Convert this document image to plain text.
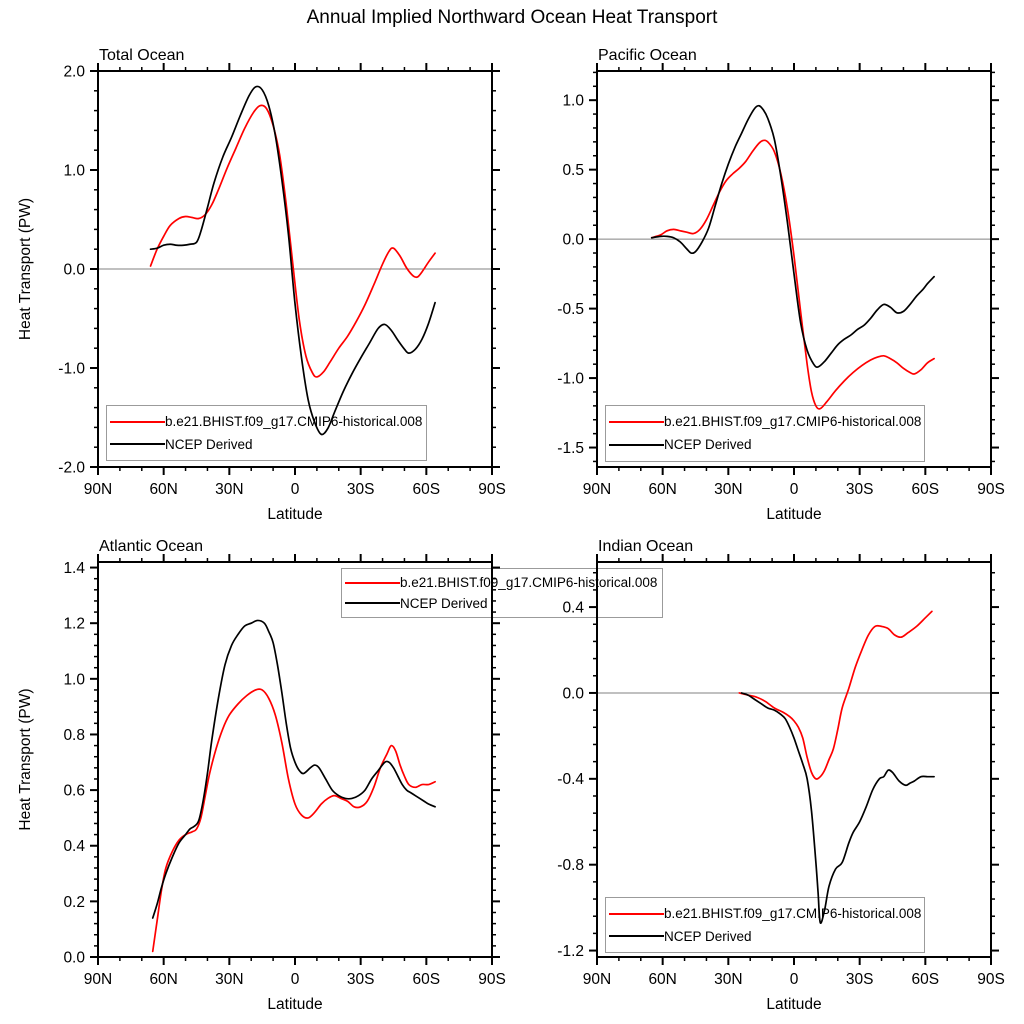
Annual Implied Northward Ocean Heat Transport
b.e21.BHIST.f09_g17.CMIP6-historical.008
NCEP Derived
b.e21.BHIST.f09_g17.CMIP6-historical.008
NCEP Derived
b.e21.BHIST.f09_g17.CMIP6-historical.008
NCEP Derived
b.e21.BHIST.f09_g17.CMIP6-historical.008
NCEP Derived
90N 60N 30N	0	30S 60S 90S
2.0
1.0
0.0
-1.0
-2.0
Total Ocean
Latitude
Heat Transport (PW)
90N 60N 30N	0	30S 60S 90S
1.0
0.5
0.0
-0.5
-1.0
-1.5
Pacific Ocean
Latitude
90N 60N 30N	0	30S 60S 90S
1.4
1.2
1.0
0.8
0.6
0.4
0.2
0.0
Atlantic Ocean
Latitude
Heat Transport (PW)
90N 60N 30N	0	30S 60S 90S
0.4
0.0
-0.4
-0.8
-1.2
Indian Ocean
Latitude
